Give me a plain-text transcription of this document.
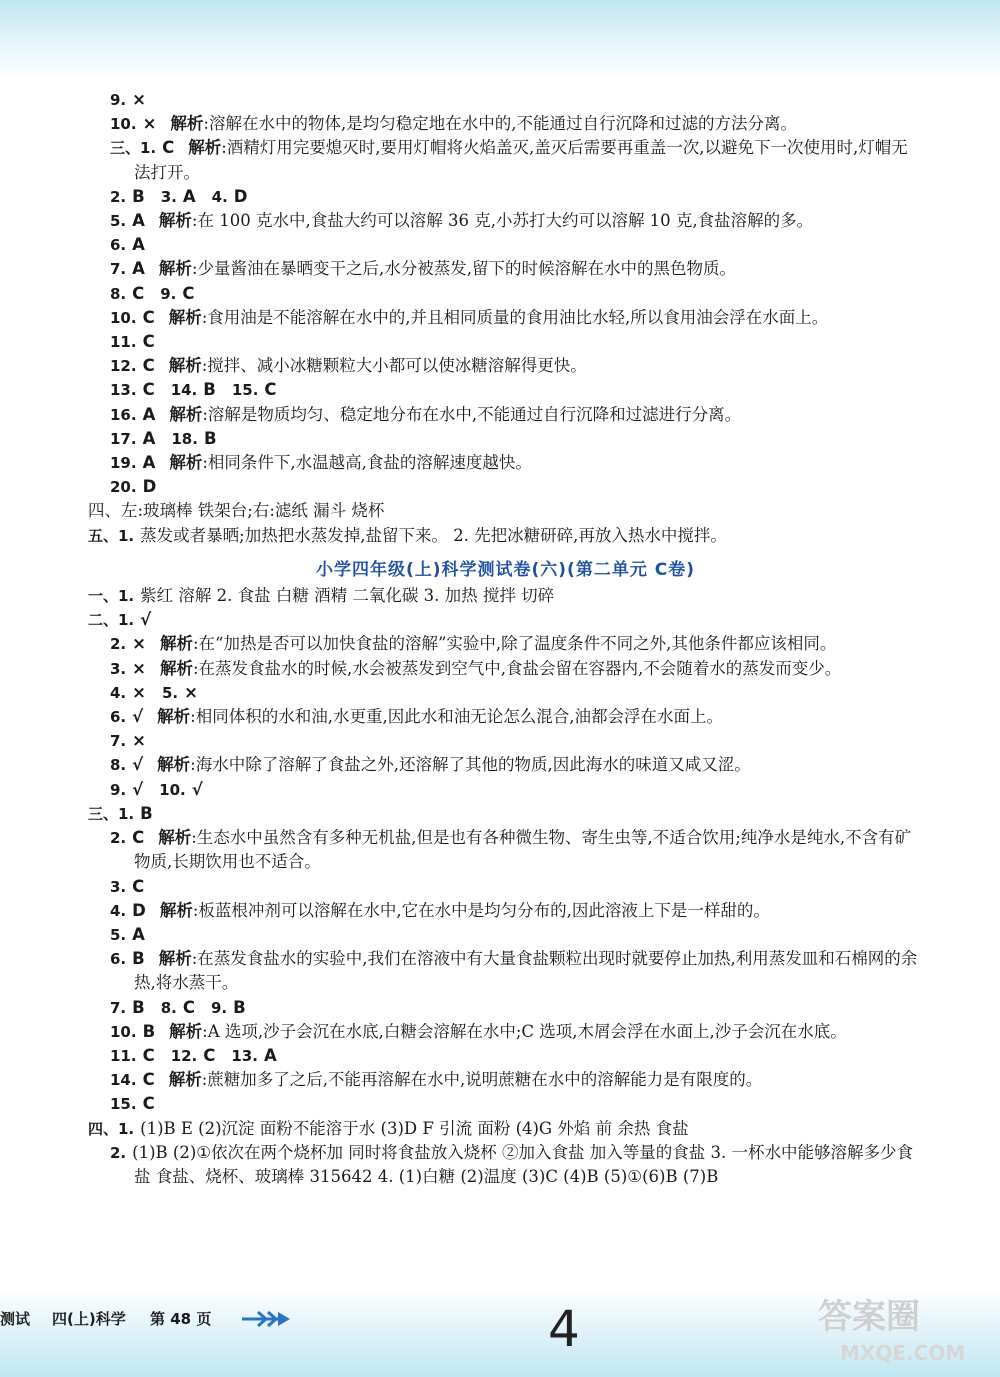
9. ×
10. × 解析:溶解在水中的物体,是均匀稳定地在水中的,不能通过自行沉降和过滤的方法分离。
三、1. C 解析:酒精灯用完要熄灭时,要用灯帽将火焰盖灭,盖灭后需要再重盖一次,以避免下一次使用时,灯帽无法打开。
2. B 3. A 4. D
5. A 解析:在 100 克水中,食盐大约可以溶解 36 克,小苏打大约可以溶解 10 克,食盐溶解的多。
6. A
7. A 解析:少量酱油在暴晒变干之后,水分被蒸发,留下的时候溶解在水中的黑色物质。
8. C 9. C
10. C 解析:食用油是不能溶解在水中的,并且相同质量的食用油比水轻,所以食用油会浮在水面上。
11. C
12. C 解析:搅拌、减小冰糖颗粒大小都可以使冰糖溶解得更快。
13. C 14. B 15. C
16. A 解析:溶解是物质均匀、稳定地分布在水中,不能通过自行沉降和过滤进行分离。
17. A 18. B
19. A 解析:相同条件下,水温越高,食盐的溶解速度越快。
20. D
四、左:玻璃棒 铁架台;右:滤纸 漏斗 烧杯
五、1. 蒸发或者暴晒;加热把水蒸发掉,盐留下来。 2. 先把冰糖研碎,再放入热水中搅拌。
小学四年级(上)科学测试卷(六)(第二单元 C卷)
一、1. 紫红 溶解 2. 食盐 白糖 酒精 二氧化碳 3. 加热 搅拌 切碎
二、1. √
2. × 解析:在“加热是否可以加快食盐的溶解”实验中,除了温度条件不同之外,其他条件都应该相同。
3. × 解析:在蒸发食盐水的时候,水会被蒸发到空气中,食盐会留在容器内,不会随着水的蒸发而变少。
4. × 5. ×
6. √ 解析:相同体积的水和油,水更重,因此水和油无论怎么混合,油都会浮在水面上。
7. ×
8. √ 解析:海水中除了溶解了食盐之外,还溶解了其他的物质,因此海水的味道又咸又涩。
9. √ 10. √
三、1. B
2. C 解析:生态水中虽然含有多种无机盐,但是也有各种微生物、寄生虫等,不适合饮用;纯净水是纯水,不含有矿物质,长期饮用也不适合。
3. C
4. D 解析:板蓝根冲剂可以溶解在水中,它在水中是均匀分布的,因此溶液上下是一样甜的。
5. A
6. B 解析:在蒸发食盐水的实验中,我们在溶液中有大量食盐颗粒出现时就要停止加热,利用蒸发皿和石棉网的余热,将水蒸干。
7. B 8. C 9. B
10. B 解析:A 选项,沙子会沉在水底,白糖会溶解在水中;C 选项,木屑会浮在水面上,沙子会沉在水底。
11. C 12. C 13. A
14. C 解析:蔗糖加多了之后,不能再溶解在水中,说明蔗糖在水中的溶解能力是有限度的。
15. C
四、1. (1)B E (2)沉淀 面粉不能溶于水 (3)D F 引流 面粉 (4)G 外焰 前 余热 食盐
2. (1)B (2)①依次在两个烧杯加 同时将食盐放入烧杯 ②加入食盐 加入等量的食盐 3. 一杯水中能够溶解多少食盐 食盐、烧杯、玻璃棒 315642 4. (1)白糖 (2)温度 (3)C (4)B (5)①(6)B (7)B
测试 四(上)科学 第 48 页	4	答案圈
MXQE.COM
